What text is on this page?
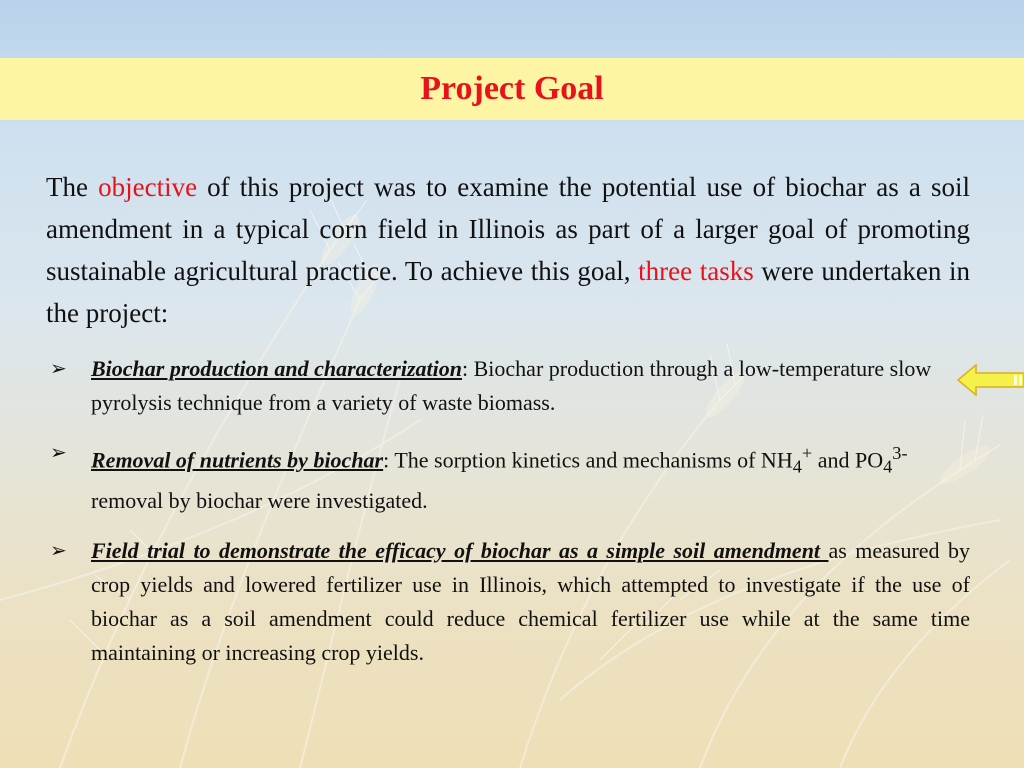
Project Goal

The objective of this project was to examine the potential use of biochar as a soil amendment in a typical corn field in Illinois as part of a larger goal of promoting sustainable agricultural practice. To achieve this goal, three tasks were undertaken in the project:

➢ Biochar production and characterization: Biochar production through a low-temperature slow pyrolysis technique from a variety of waste biomass.
➢ Removal of nutrients by biochar: The sorption kinetics and mechanisms of $NH_4^+$ and $PO_4^{3-}$ removal by biochar were investigated.
➢ Field trial to demonstrate the efficacy of biochar as a simple soil amendment as measured by crop yields and lowered fertilizer use in Illinois, which attempted to investigate if the use of biochar as a soil amendment could reduce chemical fertilizer use while at the same time maintaining or increasing crop yields.
